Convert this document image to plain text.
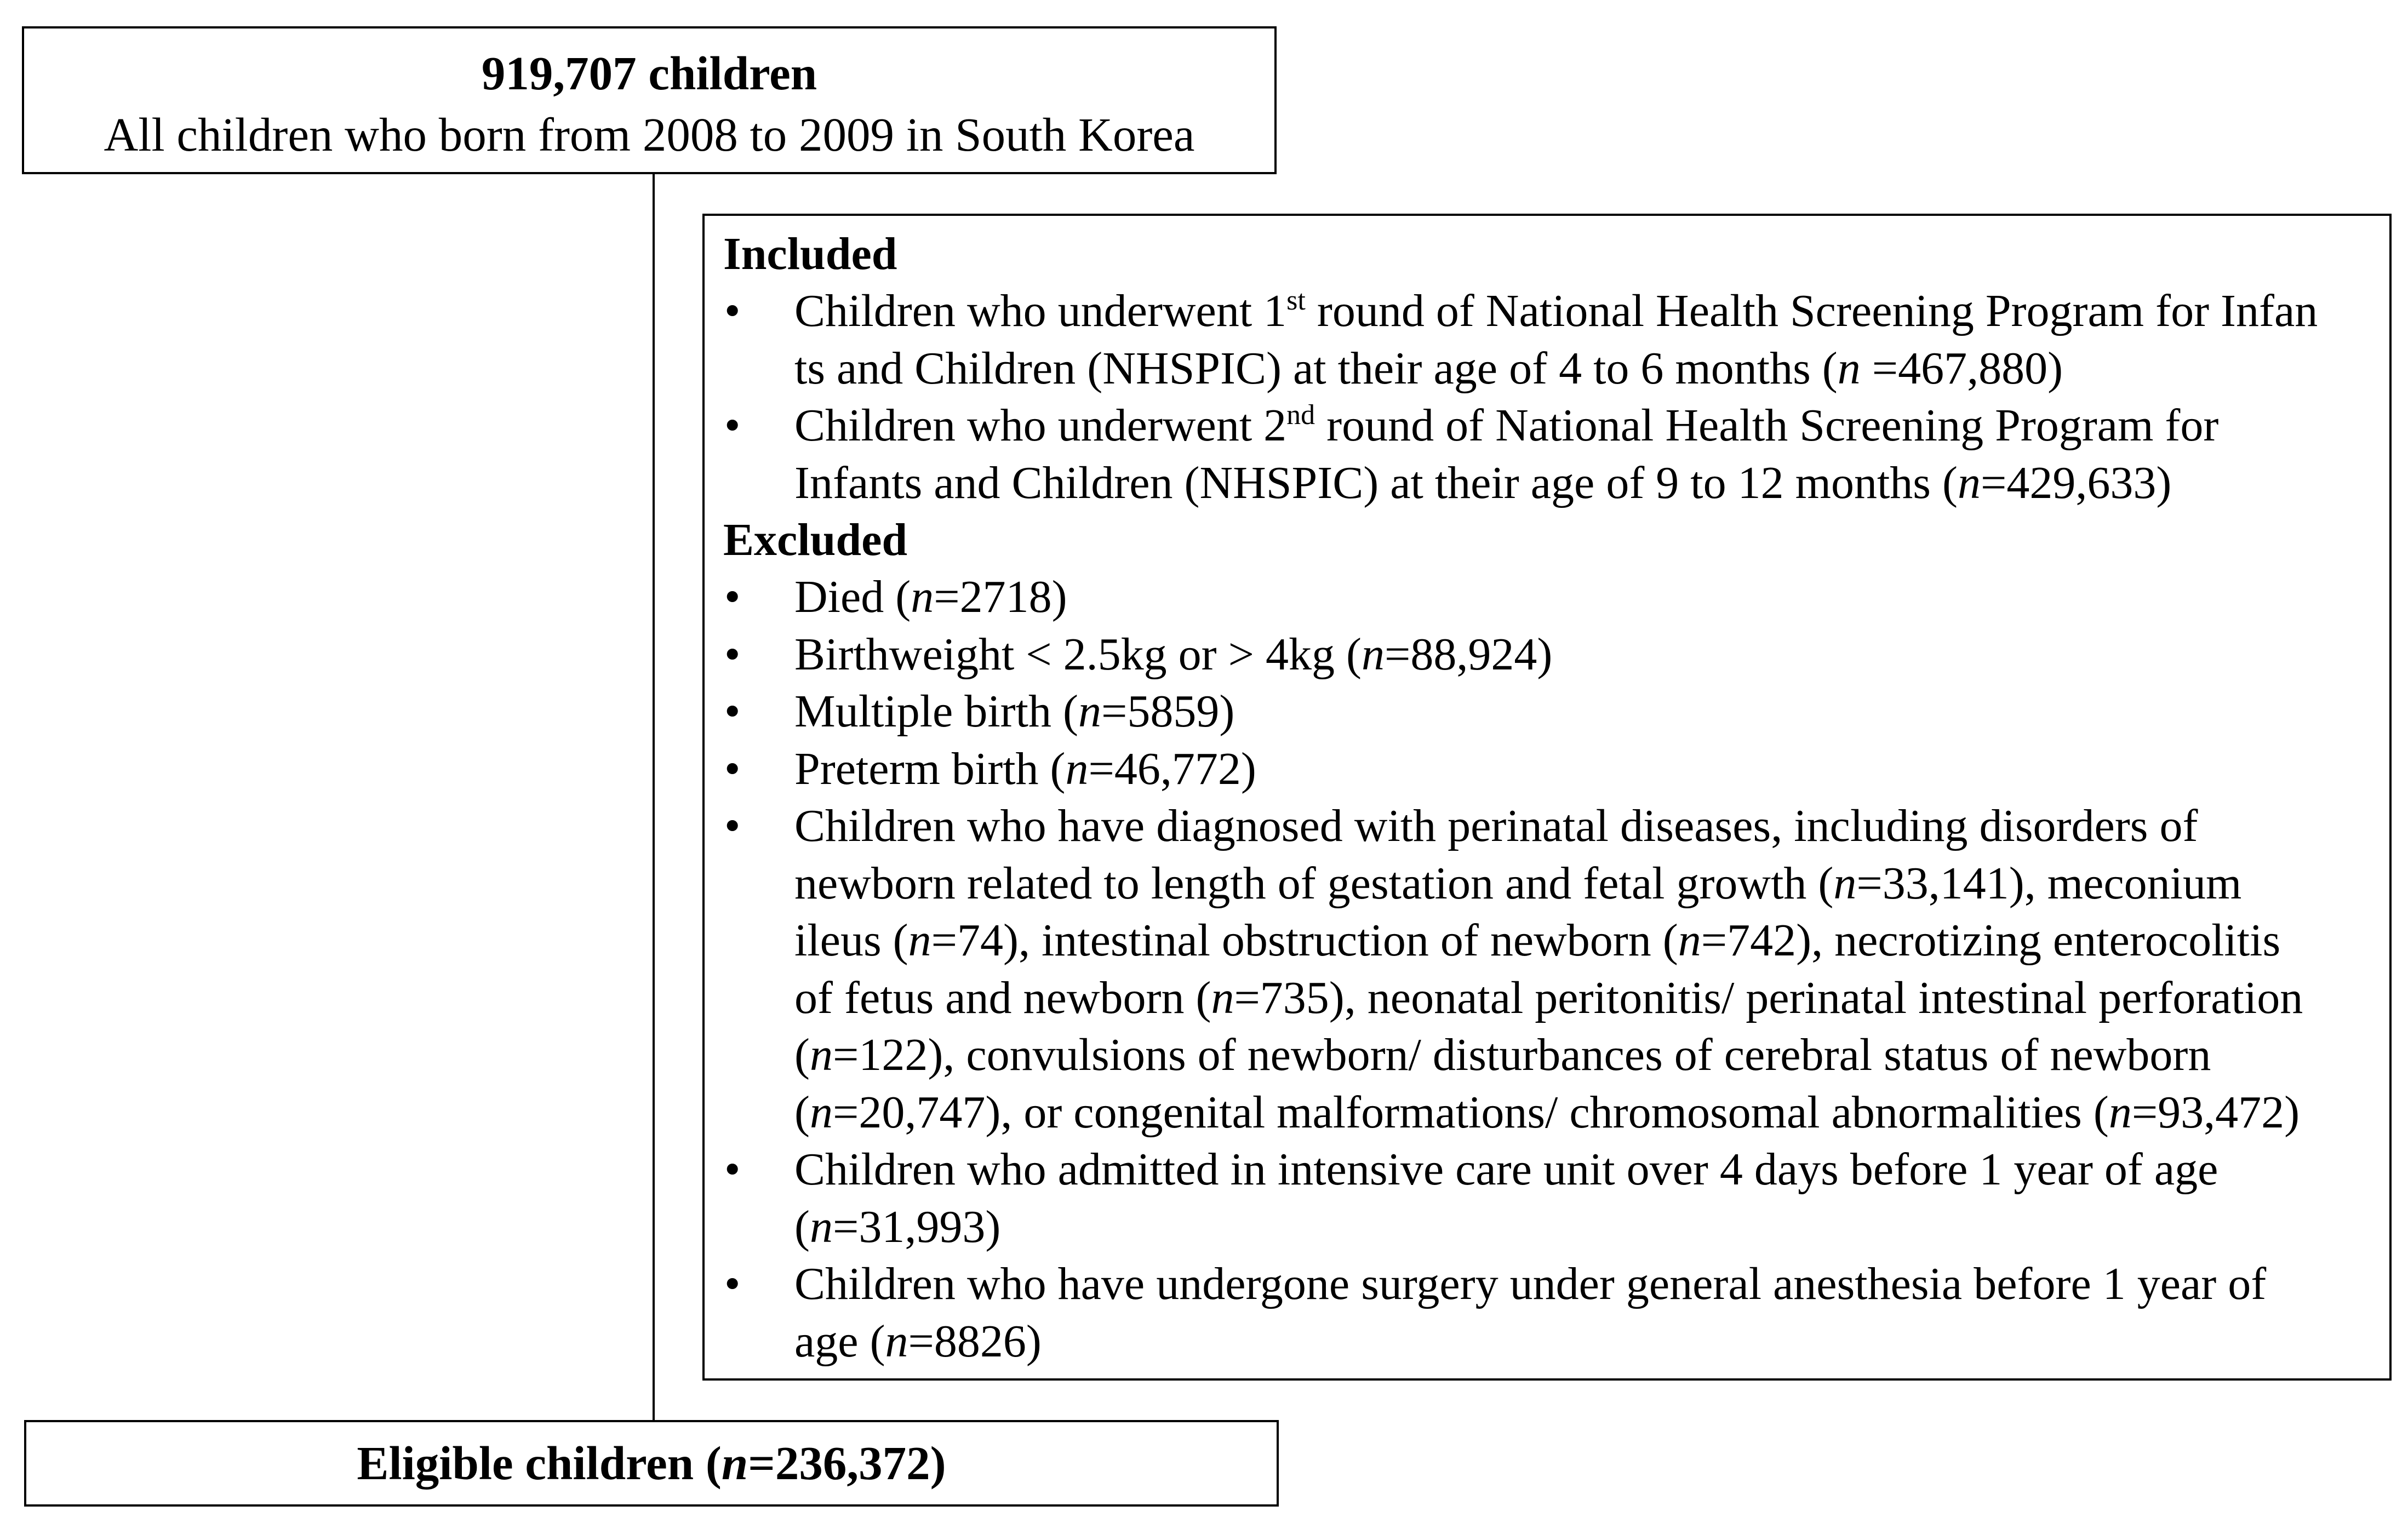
919,707 children
All children who born from 2008 to 2009 in South Korea
Included
•	Children who underwent 1st round of National Health Screening Program for Infan
ts and Children (NHSPIC) at their age of 4 to 6 months (n =467,880)
•	Children who underwent 2nd round of National Health Screening Program for
Infants and Children (NHSPIC) at their age of 9 to 12 months (n=429,633)
Excluded
•	Died (n=2718)
•	Birthweight < 2.5kg or > 4kg (n=88,924)
•	Multiple birth (n=5859)
•	Preterm birth (n=46,772)
•	Children who have diagnosed with perinatal diseases, including disorders of
newborn related to length of gestation and fetal growth (n=33,141), meconium
ileus (n=74), intestinal obstruction of newborn (n=742), necrotizing enterocolitis
of fetus and newborn (n=735), neonatal peritonitis/ perinatal intestinal perforation
(n=122), convulsions of newborn/ disturbances of cerebral status of newborn
(n=20,747), or congenital malformations/ chromosomal abnormalities (n=93,472)
•	Children who admitted in intensive care unit over 4 days before 1 year of age
(n=31,993)
•	Children who have undergone surgery under general anesthesia before 1 year of
age (n=8826)
Eligible children (n=236,372)
